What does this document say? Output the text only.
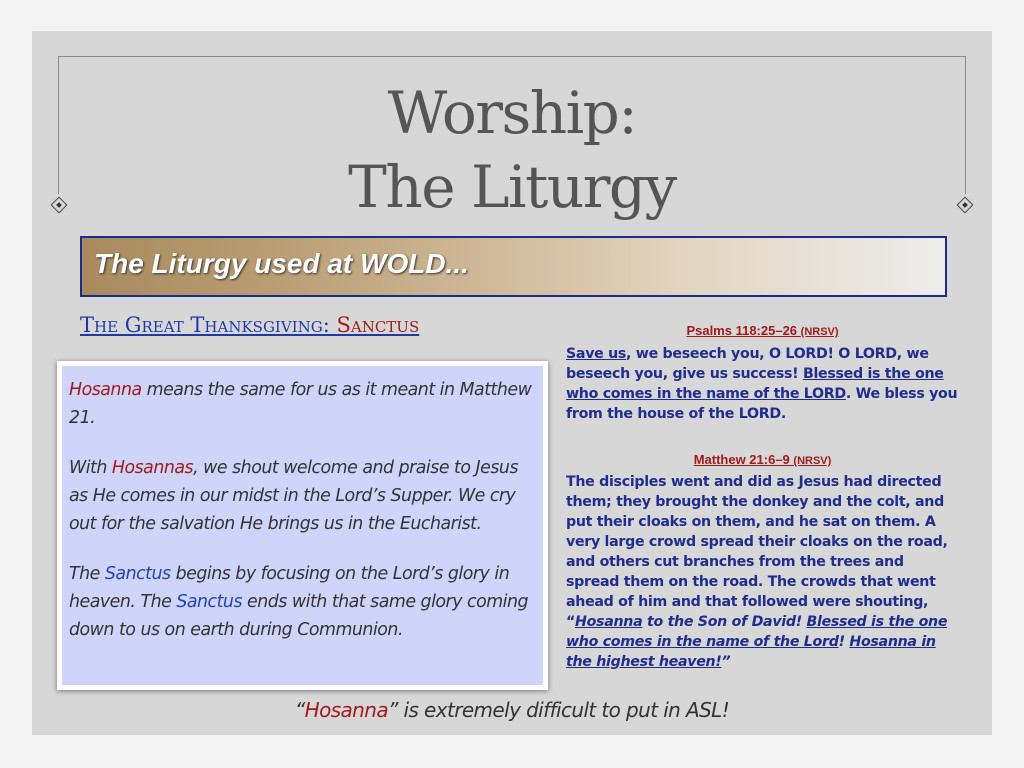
Worship:
The Liturgy
The Liturgy used at WOLD...
The Great Thanksgiving: Sanctus

Hosanna means the same for us as it meant in Matthew 21.

With Hosannas, we shout welcome and praise to Jesus as He comes in our midst in the Lord’s Supper. We cry out for the salvation He brings us in the Eucharist.

The Sanctus begins by focusing on the Lord’s glory in heaven. The Sanctus ends with that same glory coming down to us on earth during Communion.

Psalms 118:25–26 (NRSV)
Save us, we beseech you, O LORD! O LORD, we beseech you, give us success! Blessed is the one who comes in the name of the LORD. We bless you from the house of the LORD.
Matthew 21:6–9 (NRSV)
The disciples went and did as Jesus had directed them; they brought the donkey and the colt, and put their cloaks on them, and he sat on them. A very large crowd spread their cloaks on the road, and others cut branches from the trees and spread them on the road. The crowds that went ahead of him and that followed were shouting, “Hosanna to the Son of David! Blessed is the one who comes in the name of the Lord! Hosanna in the highest heaven!”
“Hosanna” is extremely difficult to put in ASL!
